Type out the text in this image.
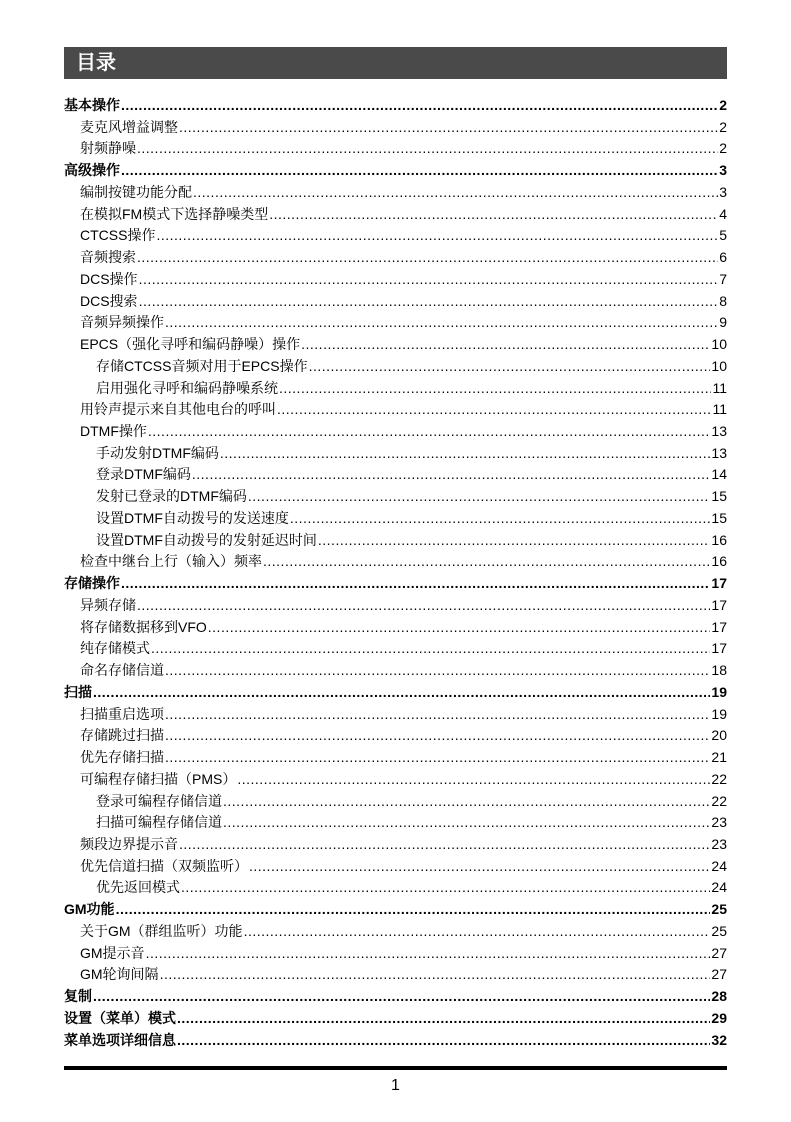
目录
基本操作 .....	2
麦克风增益调整 .....	2
射频静噪 .....	2
高级操作 .....	3
编制按键功能分配 .....	3
在模拟FM模式下选择静噪类型 .....	4
CTCSS操作 .....	5
音频搜索 .....	6
DCS操作 .....	7
DCS搜索 .....	8
音频异频操作 .....	9
EPCS（强化寻呼和编码静噪）操作 .....	10
存储CTCSS音频对用于EPCS操作 .....	10
启用强化寻呼和编码静噪系统 .....	11
用铃声提示来自其他电台的呼叫 .....	11
DTMF操作 .....	13
手动发射DTMF编码 .....	13
登录DTMF编码 .....	14
发射已登录的DTMF编码 .....	15
设置DTMF自动拨号的发送速度 .....	15
设置DTMF自动拨号的发射延迟时间 .....	16
检查中继台上行（输入）频率 .....	16
存储操作 .....	17
异频存储 .....	17
将存储数据移到VFO .....	17
纯存储模式 .....	17
命名存储信道 .....	18
扫描 .....	19
扫描重启选项 .....	19
存储跳过扫描 .....	20
优先存储扫描 .....	21
可编程存储扫描（PMS） .....	22
登录可编程存储信道 .....	22
扫描可编程存储信道 .....	23
频段边界提示音 .....	23
优先信道扫描（双频监听） .....	24
优先返回模式 .....	24
GM功能 .....	25
关于GM（群组监听）功能 .....	25
GM提示音 .....	27
GM轮询间隔 .....	27
复制 .....	28
设置（菜单）模式 .....	29
菜单选项详细信息 .....	32
1
